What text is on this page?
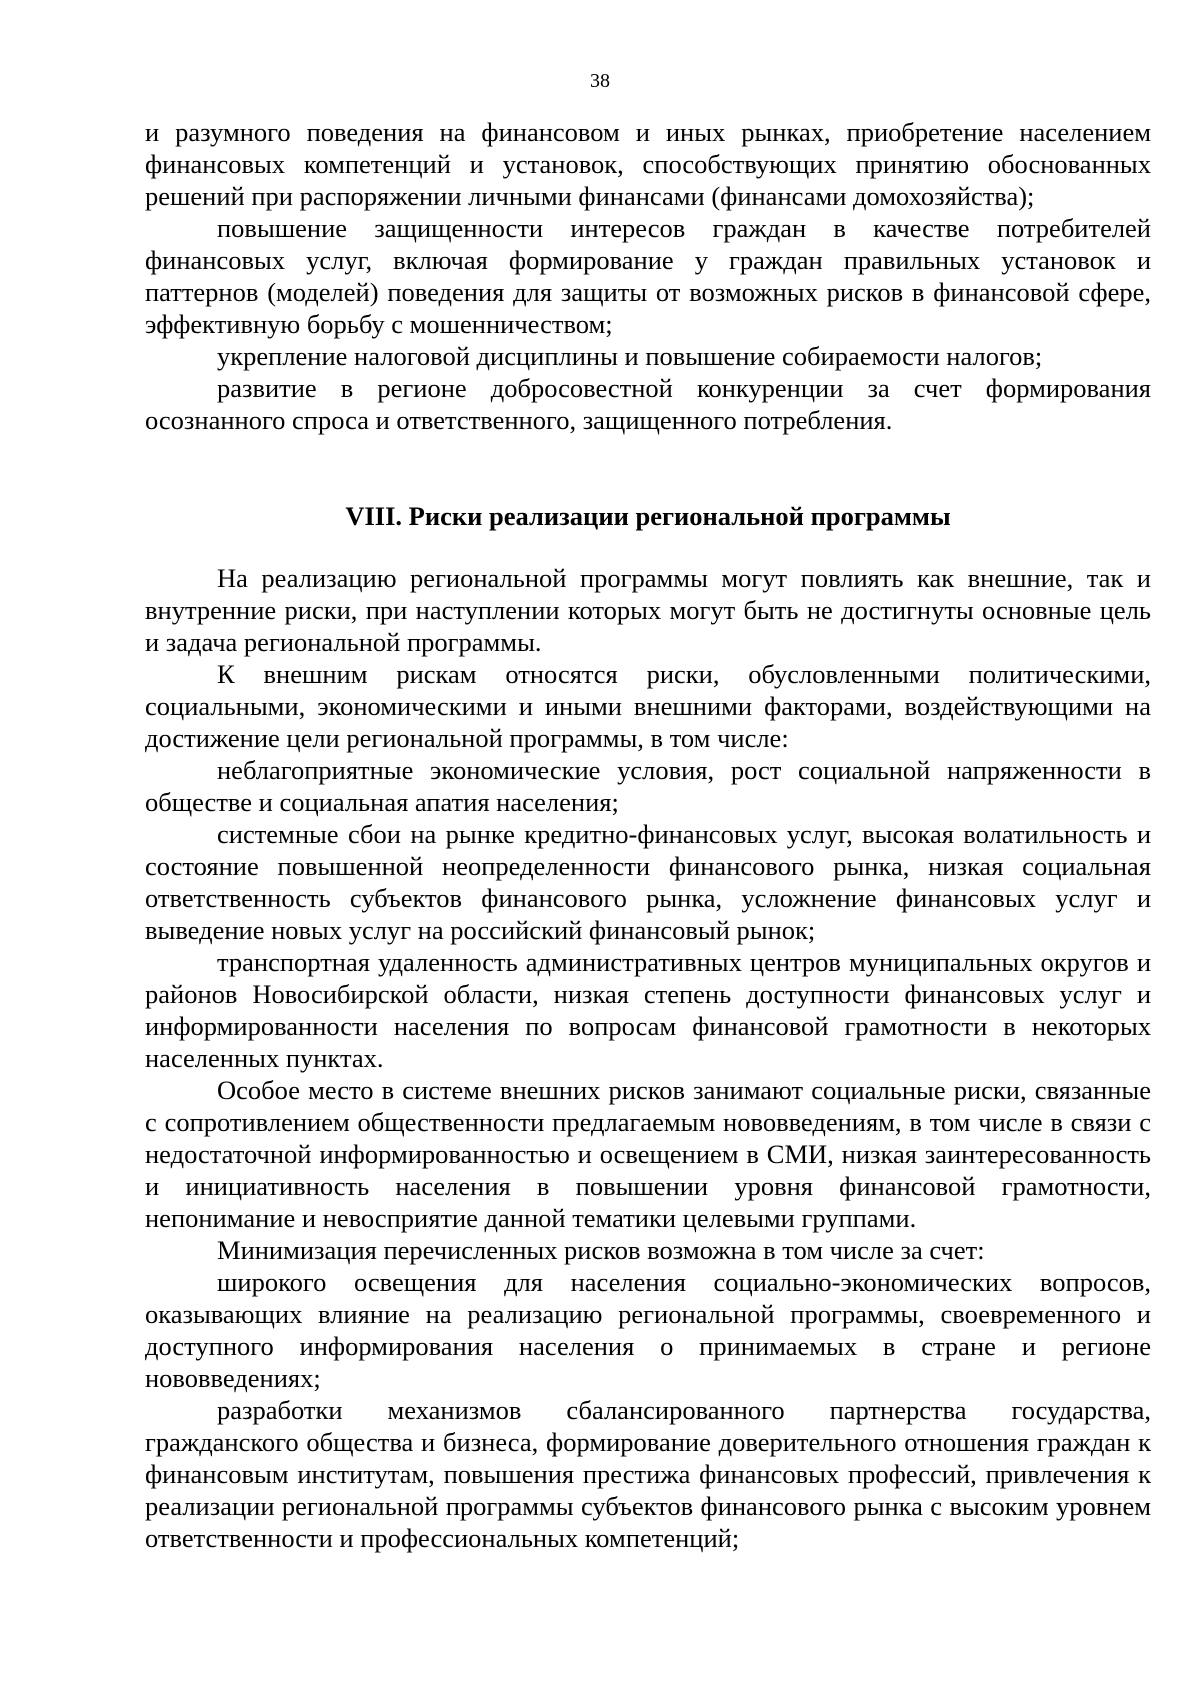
38

и разумного поведения на финансовом и иных рынках, приобретение населением финансовых компетенций и установок, способствующих принятию обоснованных решений при распоряжении личными финансами (финансами домохозяйства);

повышение защищенности интересов граждан в качестве потребителей финансовых услуг, включая формирование у граждан правильных установок и паттернов (моделей) поведения для защиты от возможных рисков в финансовой сфере, эффективную борьбу с мошенничеством;

укрепление налоговой дисциплины и повышение собираемости налогов;

развитие в регионе добросовестной конкуренции за счет формирования осознанного спроса и ответственного, защищенного потребления.

VIII. Риски реализации региональной программы

На реализацию региональной программы могут повлиять как внешние, так и внутренние риски, при наступлении которых могут быть не достигнуты основные цель и задача региональной программы.

К внешним рискам относятся риски, обусловленными политическими, социальными, экономическими и иными внешними факторами, воздействующими на достижение цели региональной программы, в том числе:

неблагоприятные экономические условия, рост социальной напряженности в обществе и социальная апатия населения;

системные сбои на рынке кредитно-финансовых услуг, высокая волатильность и состояние повышенной неопределенности финансового рынка, низкая социальная ответственность субъектов финансового рынка, усложнение финансовых услуг и выведение новых услуг на российский финансовый рынок;

транспортная удаленность административных центров муниципальных округов и районов Новосибирской области, низкая степень доступности финансовых услуг и информированности населения по вопросам финансовой грамотности в некоторых населенных пунктах.

Особое место в системе внешних рисков занимают социальные риски, связанные с сопротивлением общественности предлагаемым нововведениям, в том числе в связи с недостаточной информированностью и освещением в СМИ, низкая заинтересованность и инициативность населения в повышении уровня финансовой грамотности, непонимание и невосприятие данной тематики целевыми группами.

Минимизация перечисленных рисков возможна в том числе за счет:

широкого освещения для населения социально-экономических вопросов, оказывающих влияние на реализацию региональной программы, своевременного и доступного информирования населения о принимаемых в стране и регионе нововведениях;

разработки механизмов сбалансированного партнерства государства, гражданского общества и бизнеса, формирование доверительного отношения граждан к финансовым институтам, повышения престижа финансовых профессий, привлечения к реализации региональной программы субъектов финансового рынка с высоким уровнем ответственности и профессиональных компетенций;
